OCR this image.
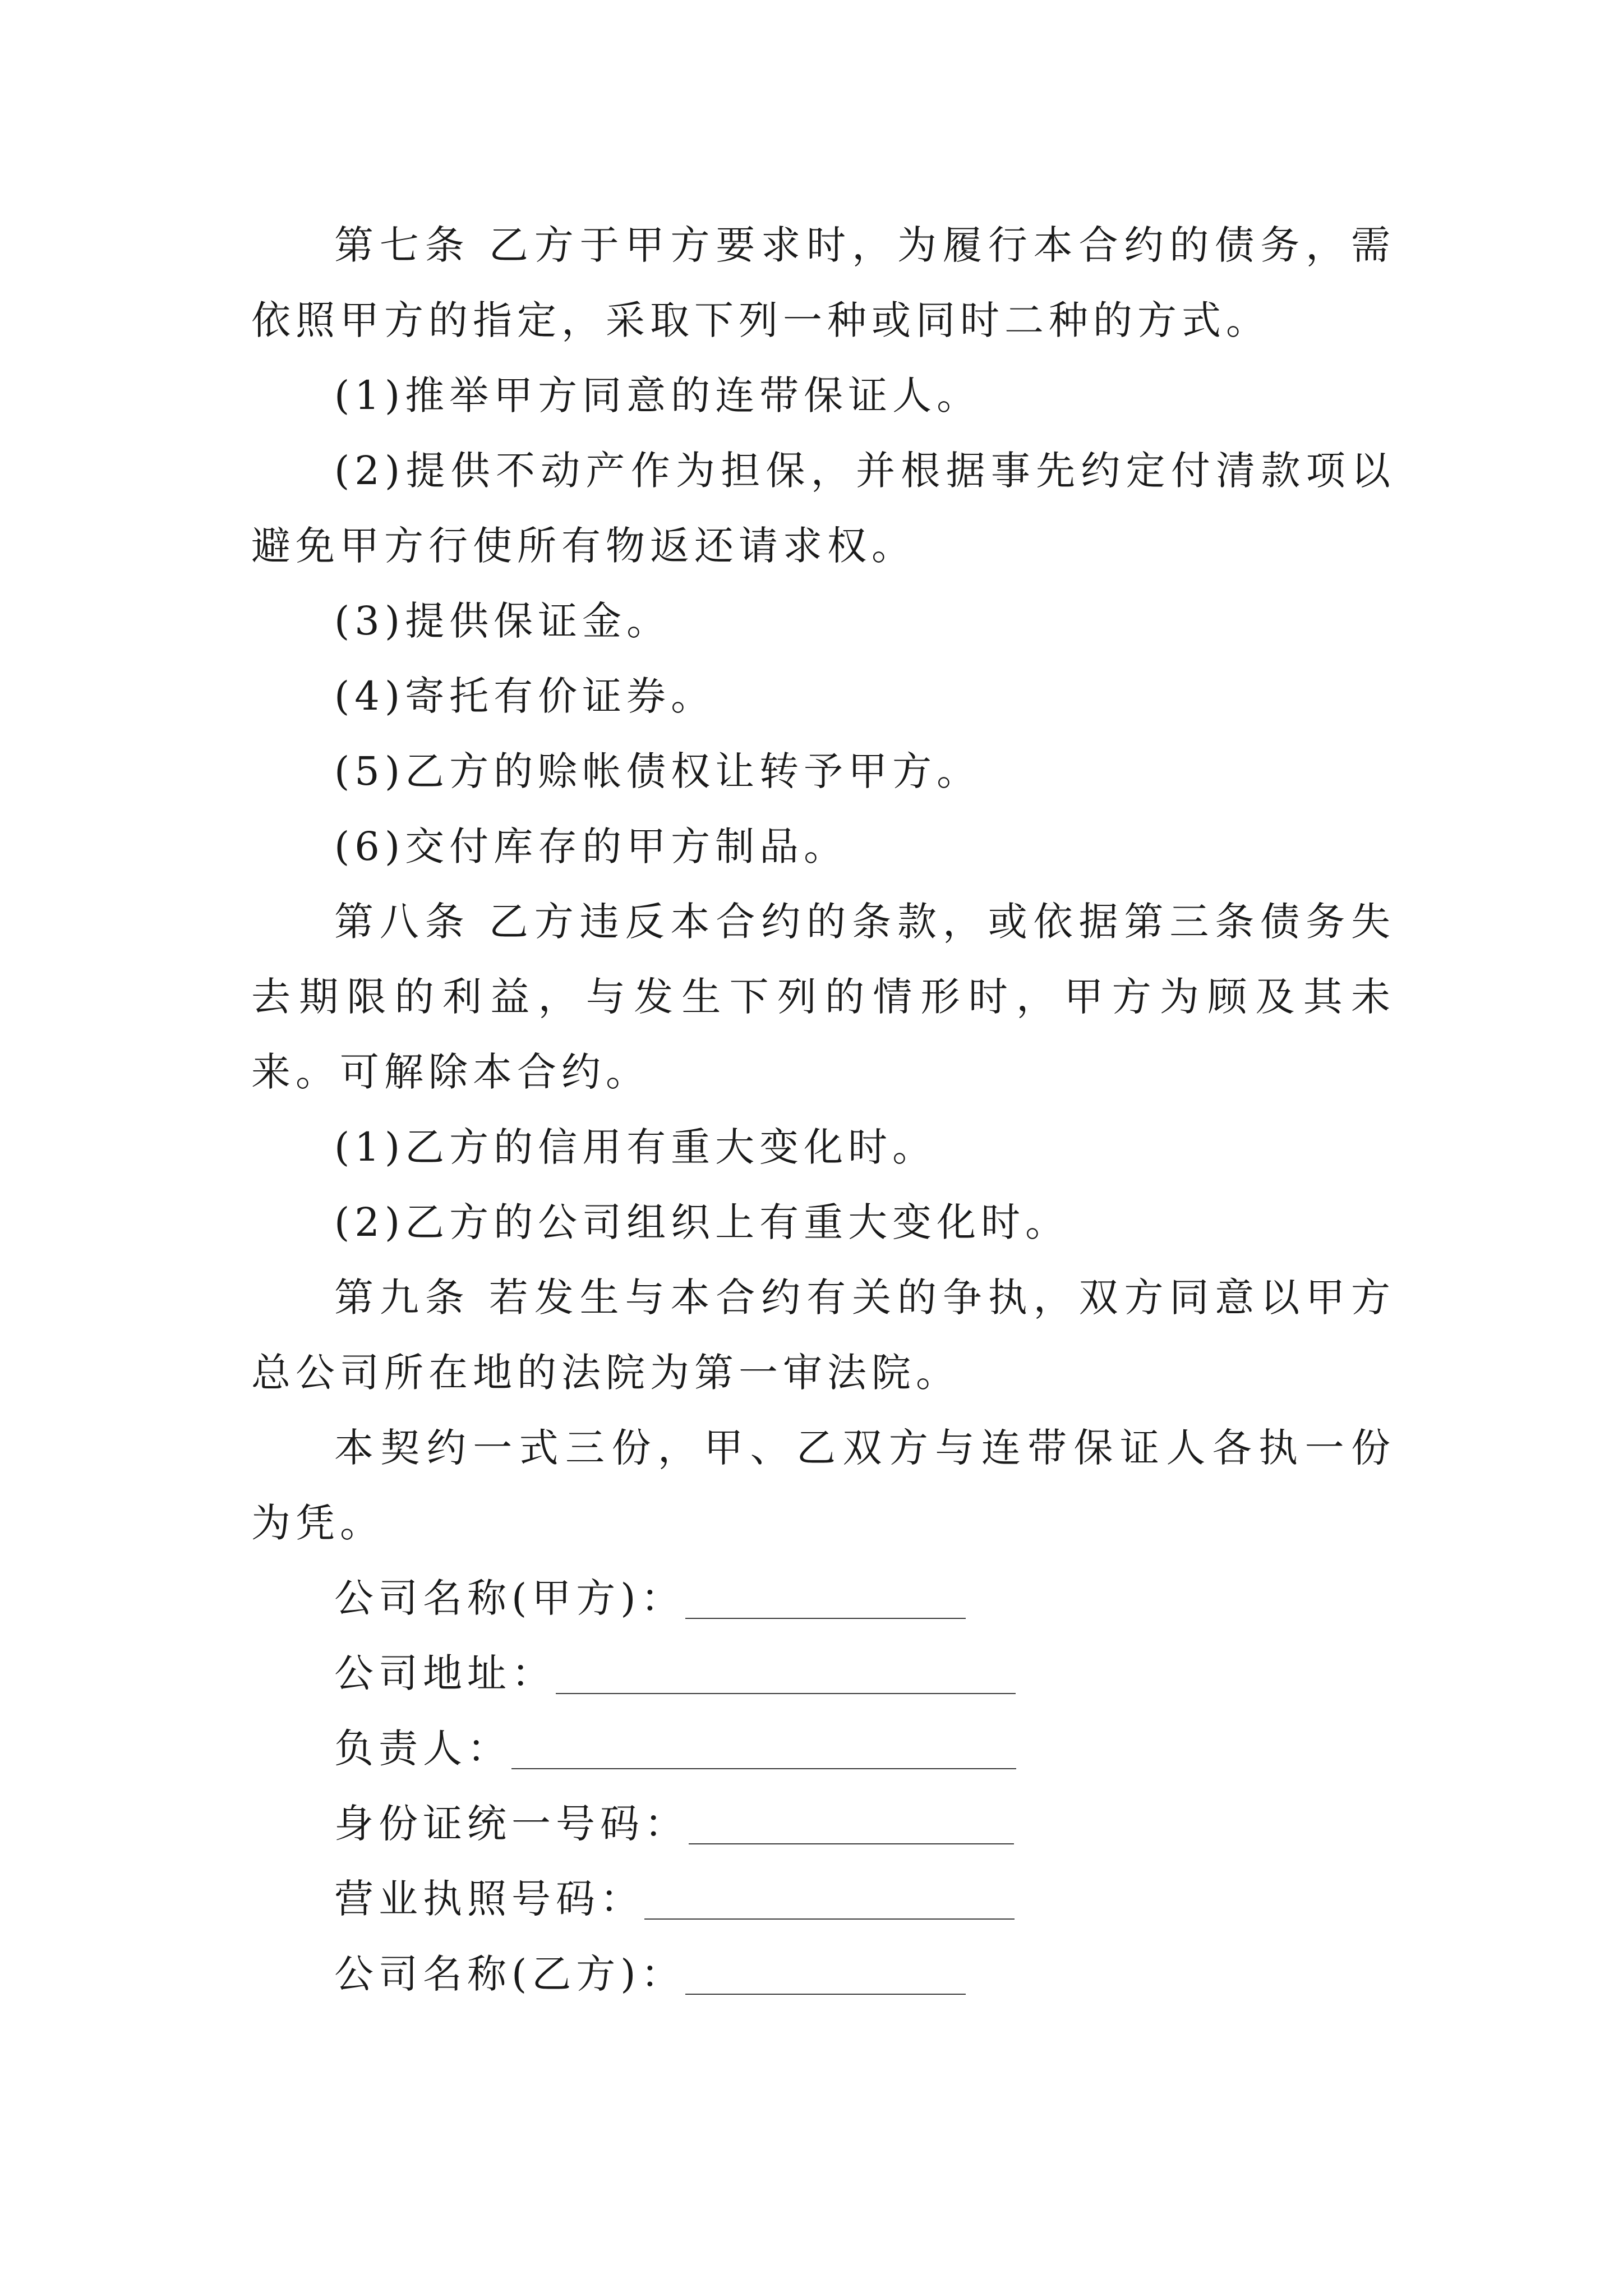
第七条 乙方于甲方要求时，为履行本合约的债务，需依照甲方的指定，采取下列一种或同时二种的方式。

(1)推举甲方同意的连带保证人。

(2)提供不动产作为担保，并根据事先约定付清款项以避免甲方行使所有物返还请求权。

(3)提供保证金。

(4)寄托有价证券。

(5)乙方的赊帐债权让转予甲方。

(6)交付库存的甲方制品。

第八条 乙方违反本合约的条款，或依据第三条债务失去期限的利益，与发生下列的情形时，甲方为顾及其未来。可解除本合约。

(1)乙方的信用有重大变化时。

(2)乙方的公司组织上有重大变化时。

第九条 若发生与本合约有关的争执，双方同意以甲方总公司所在地的法院为第一审法院。

本契约一式三份，甲、乙双方与连带保证人各执一份为凭。

公司名称(甲方)：
公司地址：
负责人：
身份证统一号码：
营业执照号码：
公司名称(乙方)：
